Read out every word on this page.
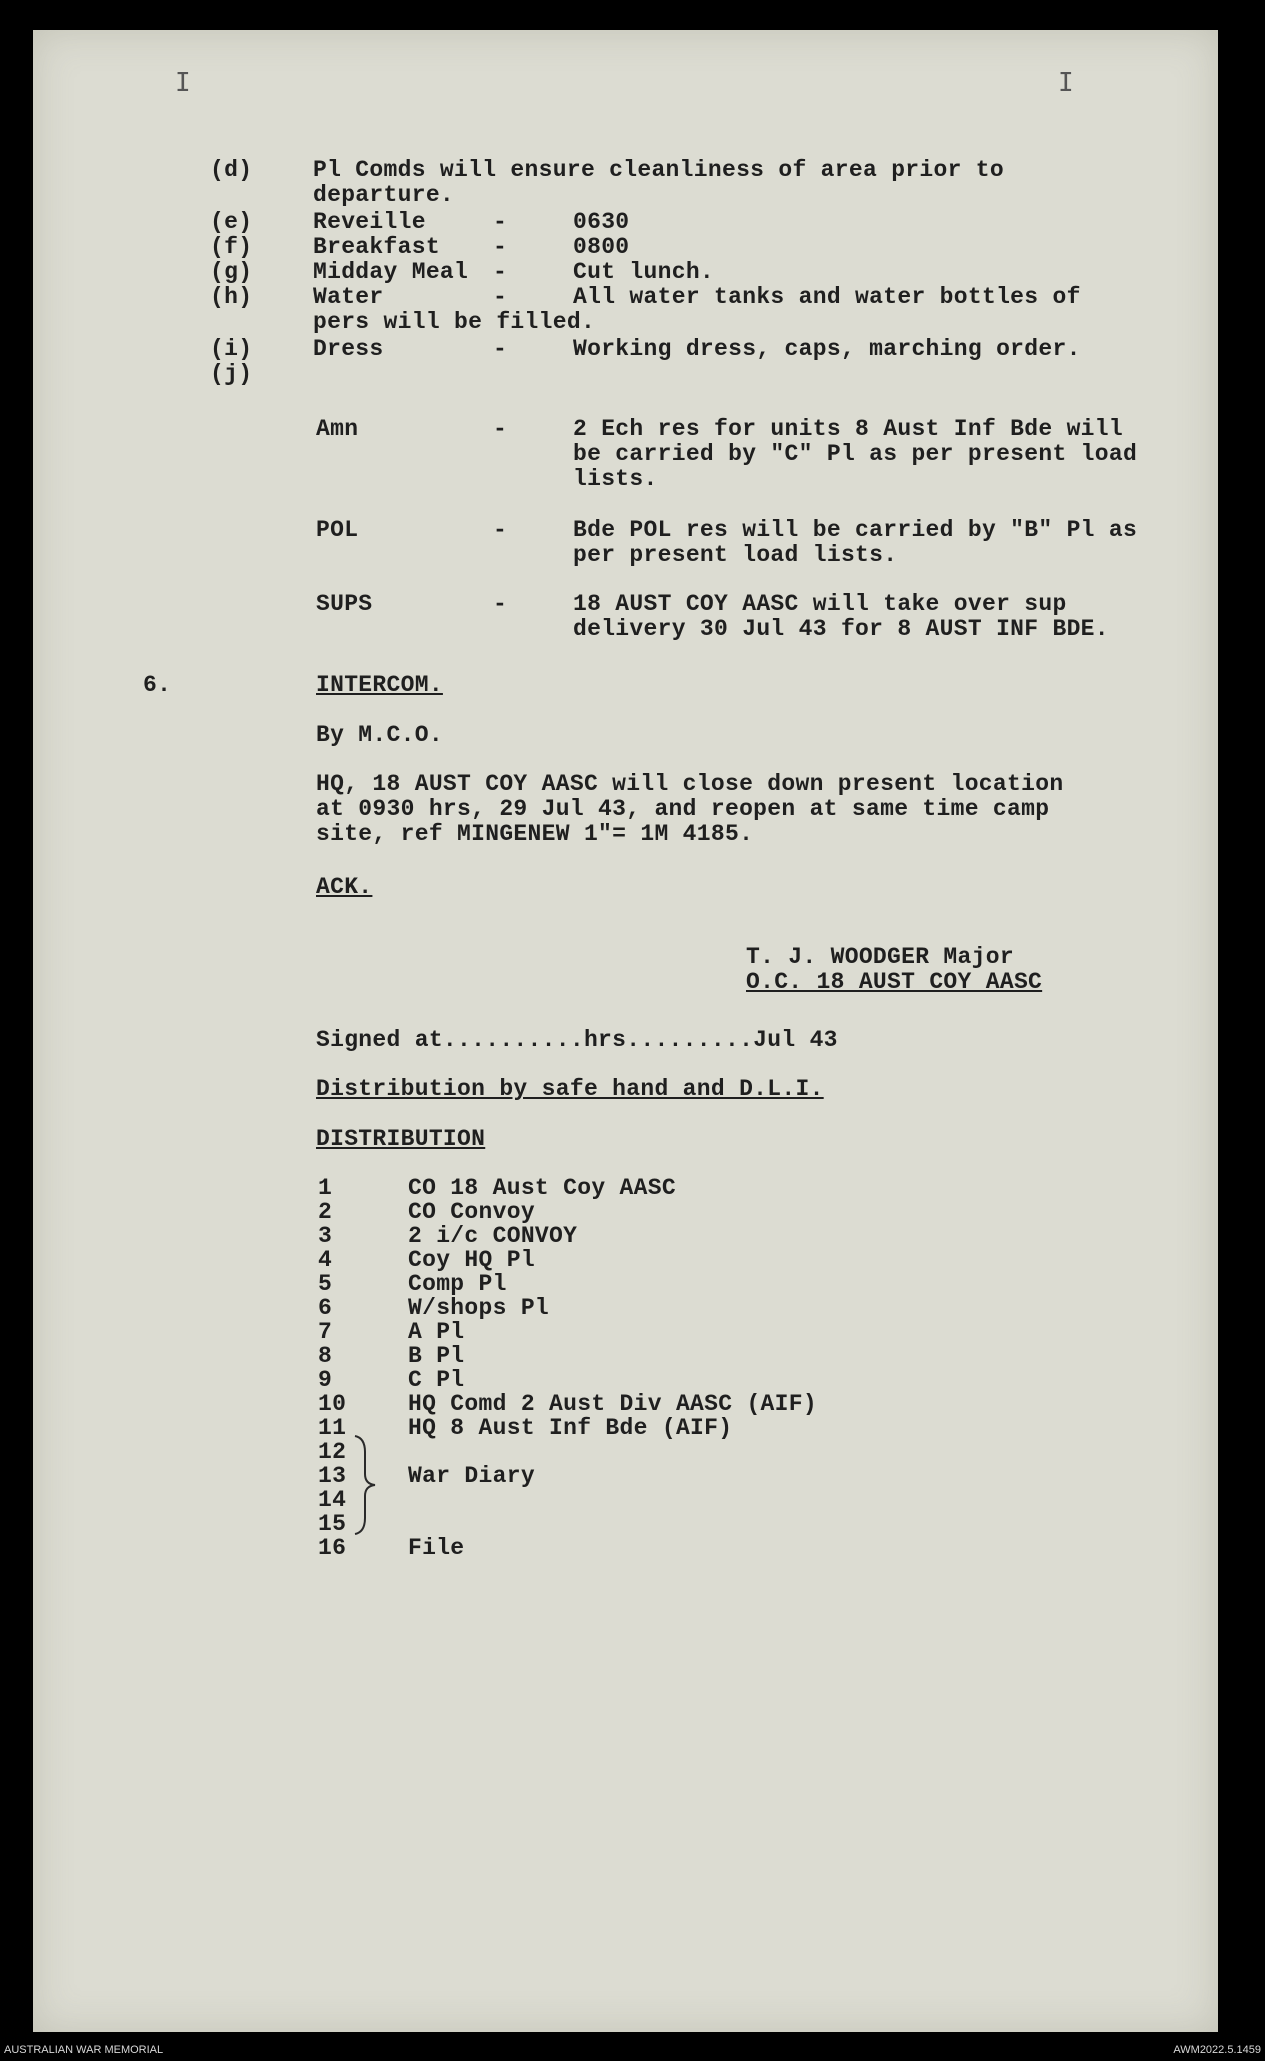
I	I
(d)	Pl Comds will ensure cleanliness of area prior to
departure.
(e)	Reveille	-	0630
(f)	Breakfast -	0800
(g)	Midday Meal -	Cut lunch.
(h)	Water	-	All water tanks and water bottles of
pers will be filled.
(i)	Dress	-	Working dress, caps, marching order.
(j)
Amn	-	2 Ech res for units 8 Aust Inf Bde will
be carried by "C" Pl as per present load
lists.
POL	-	Bde POL res will be carried by "B" Pl as
per present load lists.
SUPS	-	18 AUST COY AASC will take over sup
delivery 30 Jul 43 for 8 AUST INF BDE.
6.	INTERCOM.
By M.C.O.
HQ, 18 AUST COY AASC will close down present location
at 0930 hrs, 29 Jul 43, and reopen at same time camp
site, ref MINGENEW 1"= 1M 4185.
ACK.
T. J. WOODGER Major
O.C. 18 AUST COY AASC
Signed at..........hrs.........Jul 43
Distribution by safe hand and D.L.I.
DISTRIBUTION
1	CO 18 Aust Coy AASC
2	CO Convoy
3	2 i/c CONVOY
4	Coy HQ Pl
5	Comp Pl
6	W/shops Pl
7	A Pl
8	B Pl
9	C Pl
10	HQ Comd 2 Aust Div AASC (AIF)
11	HQ 8 Aust Inf Bde (AIF)
12
13	War Diary
14
15
16	File
AUSTRALIAN WAR MEMORIAL	AWM2022.5.1459
